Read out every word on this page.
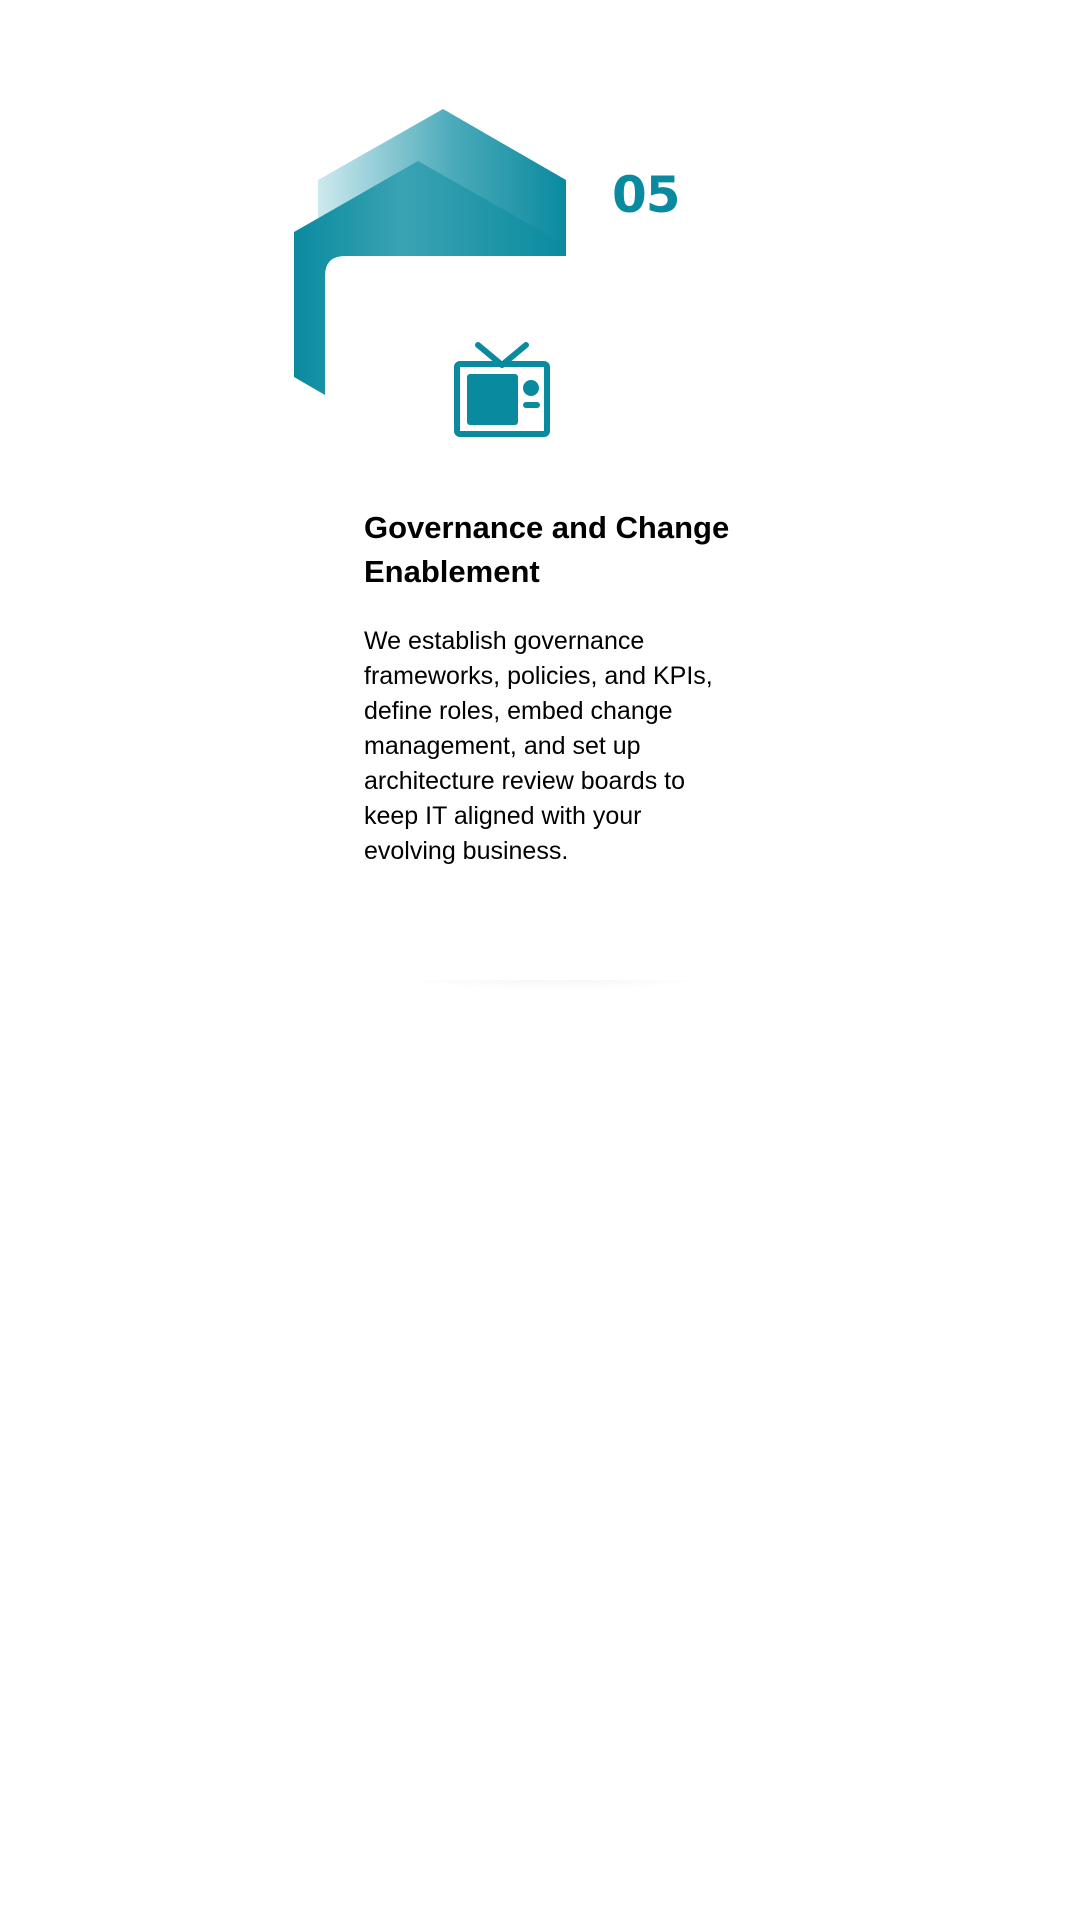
05
Governance and Change Enablement

We establish governance frameworks, policies, and KPIs, define roles, embed change management, and set up architecture review boards to keep IT aligned with your evolving business.
